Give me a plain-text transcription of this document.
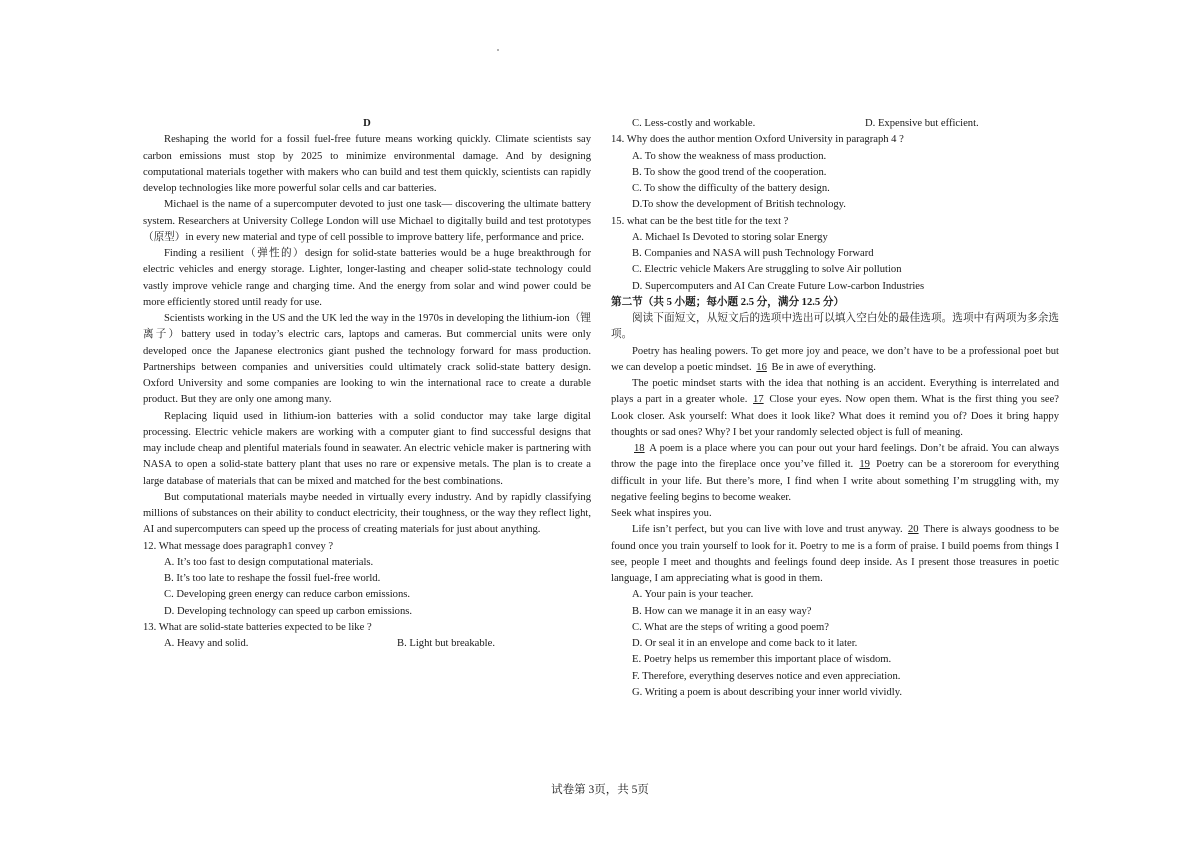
D

Reshaping the world for a fossil fuel-free future means working quickly. Climate scientists say carbon emissions must stop by 2025 to minimize environmental damage. And by designing computational materials together with makers who can build and test them quickly, scientists can rapidly develop technologies like more powerful solar cells and car batteries.

Michael is the name of a supercomputer devoted to just one task— discovering the ultimate battery system. Researchers at University College London will use Michael to digitally build and test prototypes（原型）in every new material and type of cell possible to improve battery life, performance and price.

Finding a resilient（弹性的）design for solid-state batteries would be a huge breakthrough for electric vehicles and energy storage. Lighter, longer-lasting and cheaper solid-state technology could vastly improve vehicle range and charging time. And the energy from solar and wind power could be more efficiently stored until ready for use.

Scientists working in the US and the UK led the way in the 1970s in developing the lithium-ion（锂离子）battery used in today’s electric cars, laptops and cameras. But commercial units were only developed once the Japanese electronics giant pushed the technology forward for mass production. Partnerships between companies and universities could ultimately crack solid-state battery design. Oxford University and some companies are looking to win the international race to create a durable product. But they are only one among many.

Replacing liquid used in lithium-ion batteries with a solid conductor may take large digital processing. Electric vehicle makers are working with a computer giant to find successful designs that may include cheap and plentiful materials found in seawater. An electric vehicle maker is partnering with NASA to open a solid-state battery plant that uses no rare or expensive metals. The plan is to create a large database of materials that can be mixed and matched for the best combinations.

But computational materials maybe needed in virtually every industry. And by rapidly classifying millions of substances on their ability to conduct electricity, their toughness, or the way they reflect light, AI and supercomputers can speed up the process of creating materials for just about anything.

12. What message does paragraph1 convey ?
A. It’s too fast to design computational materials.
B. It’s too late to reshape the fossil fuel-free world.
C. Developing green energy can reduce carbon emissions.
D. Developing technology can speed up carbon emissions.
13. What are solid-state batteries expected to be like ?
A. Heavy and solid.	B. Light but breakable.
C. Less-costly and workable.	D. Expensive but efficient.
14. Why does the author mention Oxford University in paragraph 4 ?
A. To show the weakness of mass production.
B. To show the good trend of the cooperation.
C. To show the difficulty of the battery design.
D.To show the development of British technology.
15. what can be the best title for the text ?
A. Michael Is Devoted to storing solar Energy
B. Companies and NASA will push Technology Forward
C. Electric vehicle Makers Are struggling to solve Air pollution
D. Supercomputers and AI Can Create Future Low-carbon Industries
第二节（共 5 小题；每小题 2.5 分，满分 12.5 分）

阅读下面短文，从短文后的选项中选出可以填入空白处的最佳选项。选项中有两项为多余选项。

Poetry has healing powers. To get more joy and peace, we don’t have to be a professional poet but we can develop a poetic mindset. 16 Be in awe of everything.

The poetic mindset starts with the idea that nothing is an accident. Everything is interrelated and plays a part in a greater whole. 17 Close your eyes. Now open them. What is the first thing you see? Look closer. Ask yourself: What does it look like? What does it remind you of? Does it bring happy thoughts or sad ones? Why? I bet your randomly selected object is full of meaning.

18 A poem is a place where you can pour out your hard feelings. Don’t be afraid. You can always throw the page into the fireplace once you’ve filled it. 19 Poetry can be a storeroom for everything difficult in your life. But there’s more, I find when I write about something I’m struggling with, my negative feeling begins to become weaker.

Seek what inspires you.

Life isn’t perfect, but you can live with love and trust anyway. 20 There is always goodness to be found once you train yourself to look for it. Poetry to me is a form of praise. I build poems from things I see, people I meet and thoughts and feelings found deep inside. As I present those treasures in poetic language, I am appreciating what is good in them.

A. Your pain is your teacher.
B. How can we manage it in an easy way?
C. What are the steps of writing a good poem?
D. Or seal it in an envelope and come back to it later.
E. Poetry helps us remember this important place of wisdom.
F. Therefore, everything deserves notice and even appreciation.
G. Writing a poem is about describing your inner world vividly.
试卷第 3页，共 5页
